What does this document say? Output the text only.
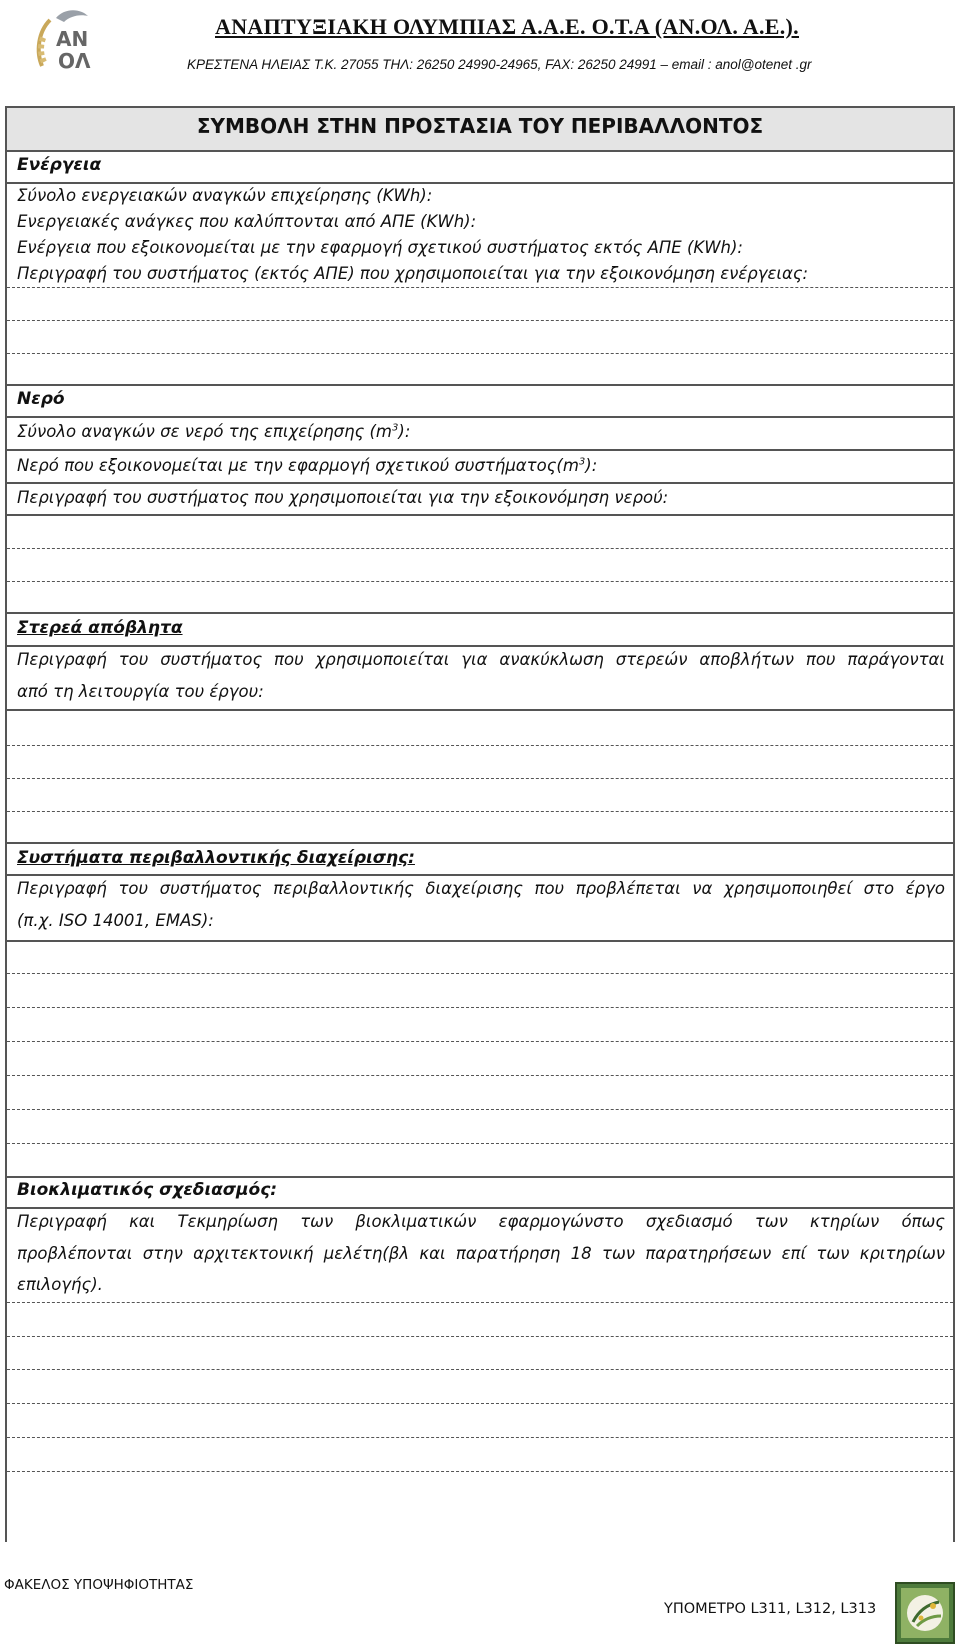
ΑΝ
ΟΛ
ΑΝΑΠΤΥΞΙΑΚΗ ΟΛΥΜΠΙΑΣ Α.Α.Ε. Ο.Τ.Α (ΑΝ.ΟΛ. Α.Ε.).
ΚΡΕΣΤΕΝΑ ΗΛΕΙΑΣ Τ.Κ. 27055 ΤΗΛ: 26250 24990-24965, FAX: 26250 24991 – email : anol@otenet .gr
ΣΥΜΒΟΛΗ ΣΤΗΝ ΠΡΟΣΤΑΣΙΑ ΤΟΥ ΠΕΡΙΒΑΛΛΟΝΤΟΣ
Ενέργεια
Σύνολο ενεργειακών αναγκών επιχείρησης (KWh):
Ενεργειακές ανάγκες που καλύπτονται από ΑΠΕ (KWh):
Ενέργεια που εξοικονομείται με την εφαρμογή σχετικού συστήματος εκτός ΑΠΕ (KWh):
Περιγραφή του συστήματος (εκτός ΑΠΕ) που χρησιμοποιείται για την εξοικονόμηση ενέργειας:
Νερό
Σύνολο αναγκών σε νερό της επιχείρησης $(m^3)$:
Νερό που εξοικονομείται με την εφαρμογή σχετικού $\sigma\upsilon\sigma\tau ή\mu\alpha\tau o\varsigma(m^3)$:
Περιγραφή του συστήματος που χρησιμοποιείται για την εξοικονόμηση νερού:
Στερεά απόβλητα
Περιγραφή του συστήματος που χρησιμοποιείται για ανακύκλωση στερεών αποβλήτων που παράγονται
από τη λειτουργία του έργου:
Συστήματα περιβαλλοντικής διαχείρισης:
Περιγραφή του συστήματος περιβαλλοντικής διαχείρισης που προβλέπεται να χρησιμοποιηθεί στο έργο
(π.χ. ISO 14001, EMAS):
Βιοκλιματικός σχεδιασμός:
Περιγραφή και Τεκμηρίωση των βιοκλιματικών εφαρμογώνστο σχεδιασμό των κτηρίων όπως
προβλέπονται στην αρχιτεκτονική μελέτη(βλ και παρατήρηση 18 των παρατηρήσεων επί των κριτηρίων
επιλογής).
ΦΑΚΕΛΟΣ ΥΠΟΨΗΦΙΟΤΗΤΑΣ
ΥΠΟΜΕΤΡΟ L311, L312, L313
